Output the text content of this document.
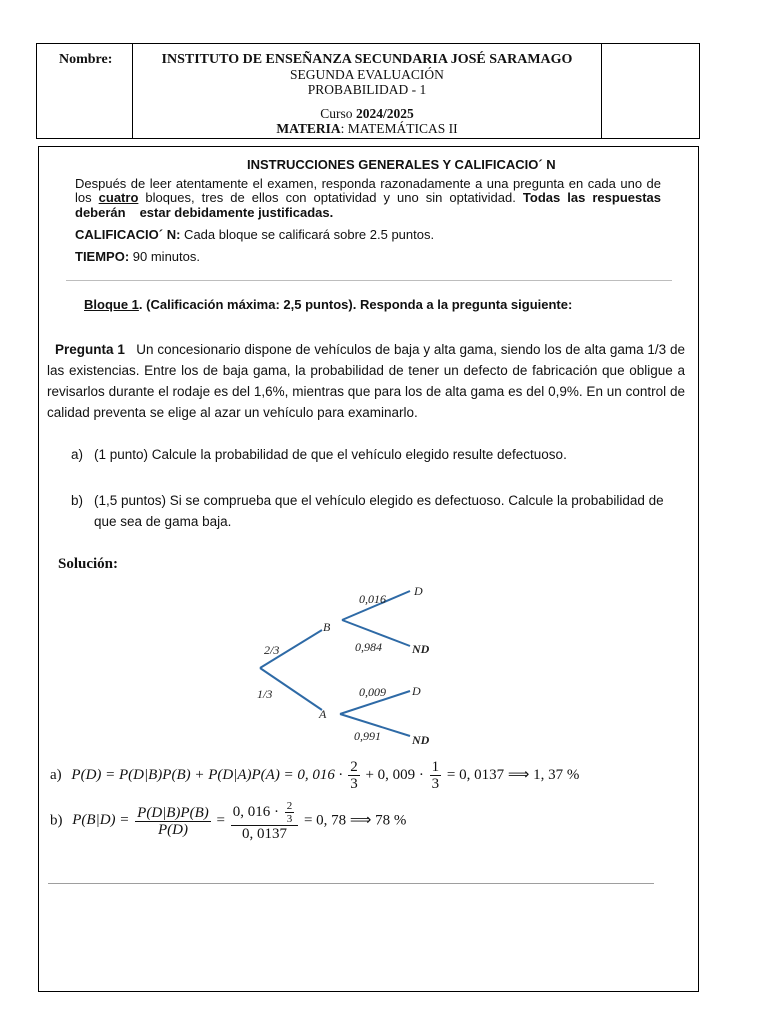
Nombre:	INSTITUTO DE ENSEÑANZA SECUNDARIA JOSÉ SARAMAGO
SEGUNDA EVALUACIÓN
PROBABILIDAD - 1
Curso 2024/2025
MATERIA: MATEMÁTICAS II
INSTRUCCIONES GENERALES Y CALIFICACIO´ N
Después de leer atentamente el examen, responda razonadamente a una pregunta en cada uno de
los cuatro bloques, tres de ellos con optatividad y uno sin optatividad. Todas las respuestas
deberán estar debidamente justificadas.
CALIFICACIO´ N: Cada bloque se calificará sobre 2.5 puntos.
TIEMPO: 90 minutos.
Bloque 1. (Calificación máxima: 2,5 puntos). Responda a la pregunta siguiente:
Pregunta 1 Un concesionario dispone de vehículos de baja y alta gama, siendo los de alta gama 1/3 de
las existencias. Entre los de baja gama, la probabilidad de tener un defecto de fabricación que obligue a
revisarlos durante el rodaje es del 1,6%, mientras que para los de alta gama es del 0,9%. En un control de
calidad preventa se elige al azar un vehículo para examinarlo.
a) (1 punto) Calcule la probabilidad de que el vehículo elegido resulte defectuoso.
b) (1,5 puntos) Si se comprueba que el vehículo elegido es defectuoso. Calcule la probabilidad de
que sea de gama baja.
Solución:
2/3
1/3
B
A
0,016
0,984
0,009
0,991
D
ND
D
ND
a) P(D) = P(D|B)P(B) + P(D|A)P(A) = 0, $016 \cdot \frac{2}{3} + 0$, $009 \cdot \frac{1}{3} = 0$, 0137 ⟹ 1, 37 %
b) $P(B|D) = \frac{P(D|B)P(B)}{P(D)} = \frac{0, 016 \cdot \frac{2}{3}}{0, 0137} = 0$, 78 ⟹ 78 %
